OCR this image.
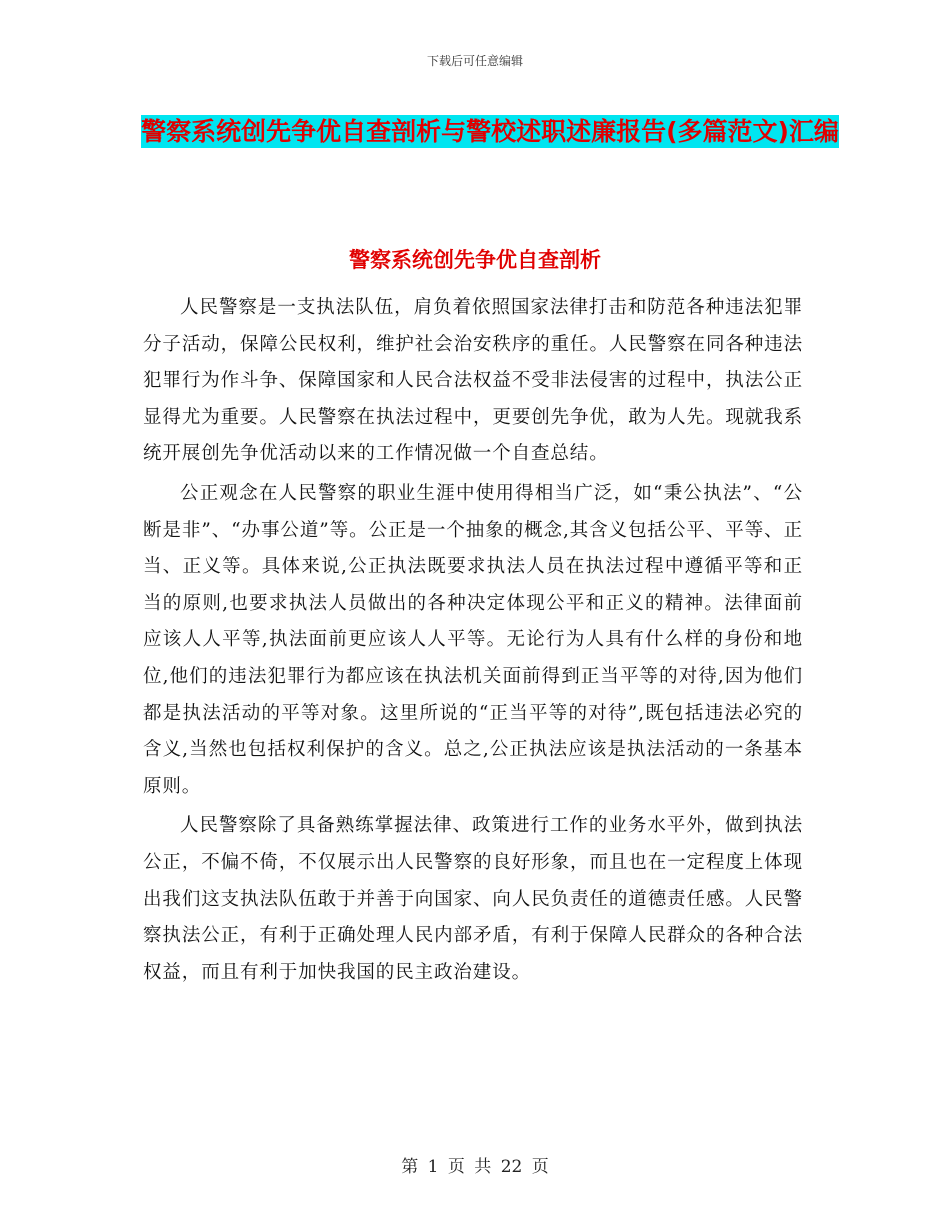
下载后可任意编辑
警察系统创先争优自查剖析与警校述职述廉报告(多篇范文)汇编
警察系统创先争优自查剖析

人民警察是一支执法队伍，肩负着依照国家法律打击和防范各种违法犯罪分子活动，保障公民权利，维护社会治安秩序的重任。人民警察在同各种违法犯罪行为作斗争、保障国家和人民合法权益不受非法侵害的过程中，执法公正显得尤为重要。人民警察在执法过程中，更要创先争优，敢为人先。现就我系统开展创先争优活动以来的工作情况做一个自查总结。

公正观念在人民警察的职业生涯中使用得相当广泛，如“秉公执法”、“公断是非”、“办事公道”等。公正是一个抽象的概念,其含义包括公平、平等、正当、正义等。具体来说,公正执法既要求执法人员在执法过程中遵循平等和正当的原则,也要求执法人员做出的各种决定体现公平和正义的精神。法律面前应该人人平等,执法面前更应该人人平等。无论行为人具有什么样的身份和地位,他们的违法犯罪行为都应该在执法机关面前得到正当平等的对待,因为他们都是执法活动的平等对象。这里所说的“正当平等的对待”,既包括违法必究的含义,当然也包括权利保护的含义。总之,公正执法应该是执法活动的一条基本原则。

人民警察除了具备熟练掌握法律、政策进行工作的业务水平外，做到执法公正，不偏不倚，不仅展示出人民警察的良好形象，而且也在一定程度上体现出我们这支执法队伍敢于并善于向国家、向人民负责任的道德责任感。人民警察执法公正，有利于正确处理人民内部矛盾，有利于保障人民群众的各种合法权益，而且有利于加快我国的民主政治建设。

第 1 页 共 22 页
